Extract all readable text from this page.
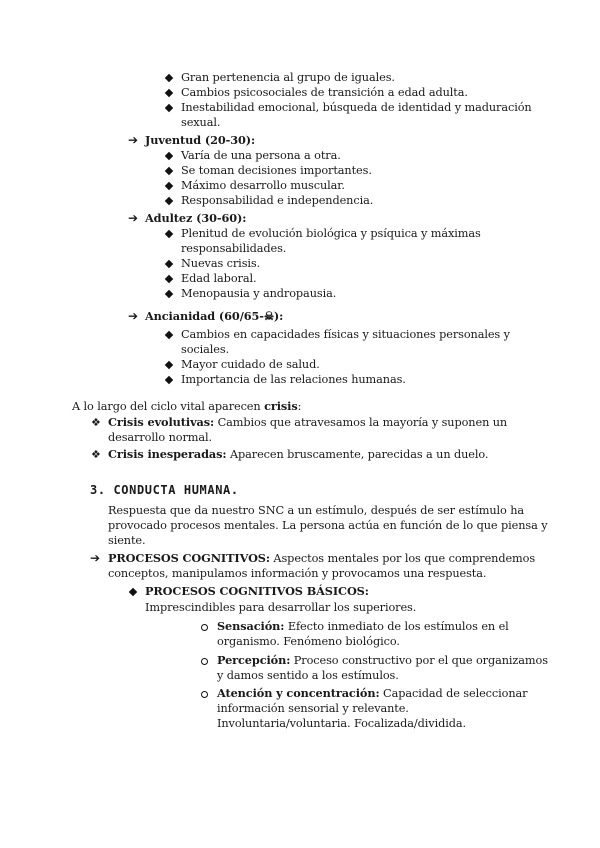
Gran pertenencia al grupo de iguales.
Cambios psicosociales de transición a edad adulta.
Inestabilidad emocional, búsqueda de identidad y maduración
sexual.
➔ Juventud (20-30):
Varía de una persona a otra.
Se toman decisiones importantes.
Máximo desarrollo muscular.
Responsabilidad e independencia.
➔ Adultez (30-60):
Plenitud de evolución biológica y psíquica y máximas
responsabilidades.
Nuevas crisis.
Edad laboral.
Menopausia y andropausia.
➔ Ancianidad (60/65-☠):
Cambios en capacidades físicas y situaciones personales y
sociales.
Mayor cuidado de salud.
Importancia de las relaciones humanas.
A lo largo del ciclo vital aparecen crisis:
❖ Crisis evolutivas: Cambios que atravesamos la mayoría y suponen un
desarrollo normal.
❖ Crisis inesperadas: Aparecen bruscamente, parecidas a un duelo.
3. CONDUCTA HUMANA.
Respuesta que da nuestro SNC a un estímulo, después de ser estímulo ha
provocado procesos mentales. La persona actúa en función de lo que piensa y
siente.
➔ PROCESOS COGNITIVOS: Aspectos mentales por los que comprendemos
conceptos, manipulamos información y provocamos una respuesta.
PROCESOS COGNITIVOS BÁSICOS:
Imprescindibles para desarrollar los superiores.
Sensación: Efecto inmediato de los estímulos en el
organismo. Fenómeno biológico.
Percepción: Proceso constructivo por el que organizamos
y damos sentido a los estímulos.
Atención y concentración: Capacidad de seleccionar
información sensorial y relevante.
Involuntaria/voluntaria. Focalizada/dividida.
